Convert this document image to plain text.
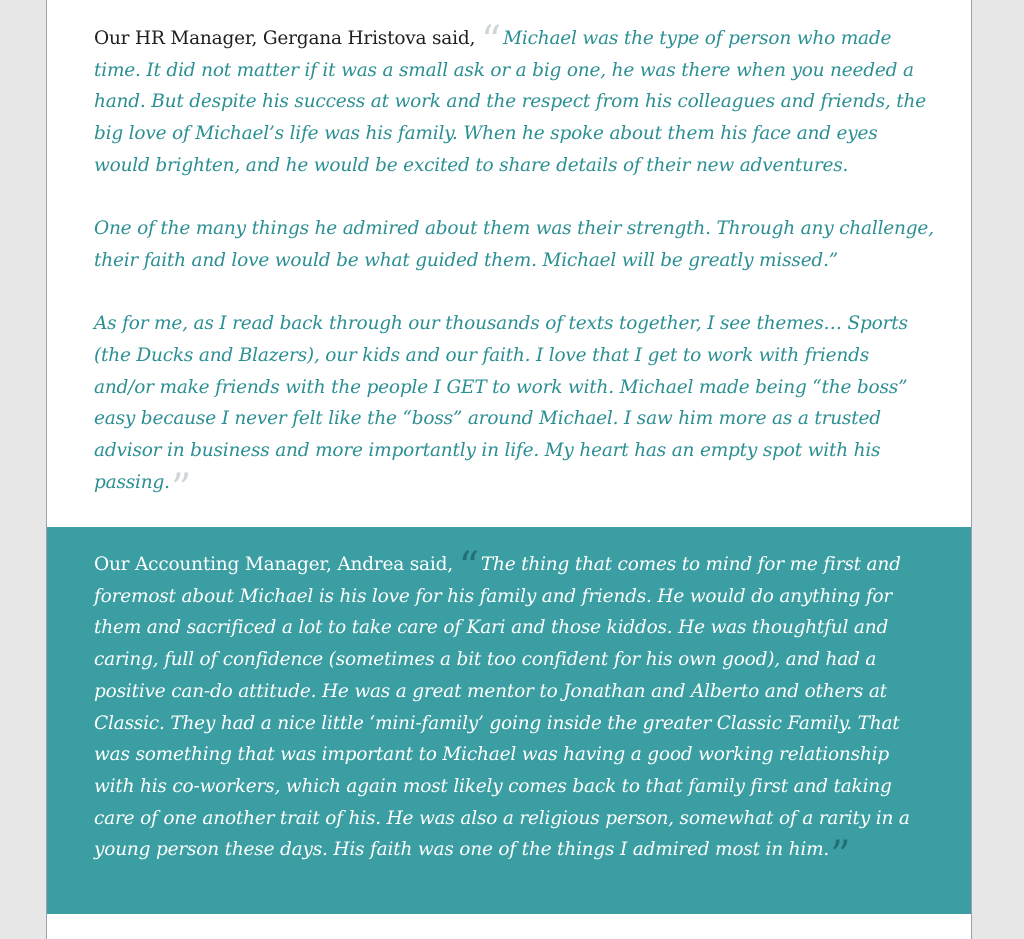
Our HR Manager, Gergana Hristova said, “ Michael was the type of person who made time. It did not matter if it was a small ask or a big one, he was there when you needed a hand. But despite his success at work and the respect from his colleagues and friends, the big love of Michael’s life was his family. When he spoke about them his face and eyes would brighten, and he would be excited to share details of their new adventures.
One of the many things he admired about them was their strength. Through any challenge, their faith and love would be what guided them. Michael will be greatly missed.”
As for me, as I read back through our thousands of texts together, I see themes… Sports (the Ducks and Blazers), our kids and our faith. I love that I get to work with friends and/or make friends with the people I GET to work with. Michael made being “the boss” easy because I never felt like the “boss” around Michael. I saw him more as a trusted advisor in business and more importantly in life. My heart has an empty spot with his passing.”
Our Accounting Manager, Andrea said, “ The thing that comes to mind for me first and foremost about Michael is his love for his family and friends. He would do anything for them and sacrificed a lot to take care of Kari and those kiddos. He was thoughtful and caring, full of confidence (sometimes a bit too confident for his own good), and had a positive can-do attitude. He was a great mentor to Jonathan and Alberto and others at Classic. They had a nice little ‘mini-family’ going inside the greater Classic Family. That was something that was important to Michael was having a good working relationship with his co-workers, which again most likely comes back to that family first and taking care of one another trait of his. He was also a religious person, somewhat of a rarity in a young person these days. His faith was one of the things I admired most in him.”
